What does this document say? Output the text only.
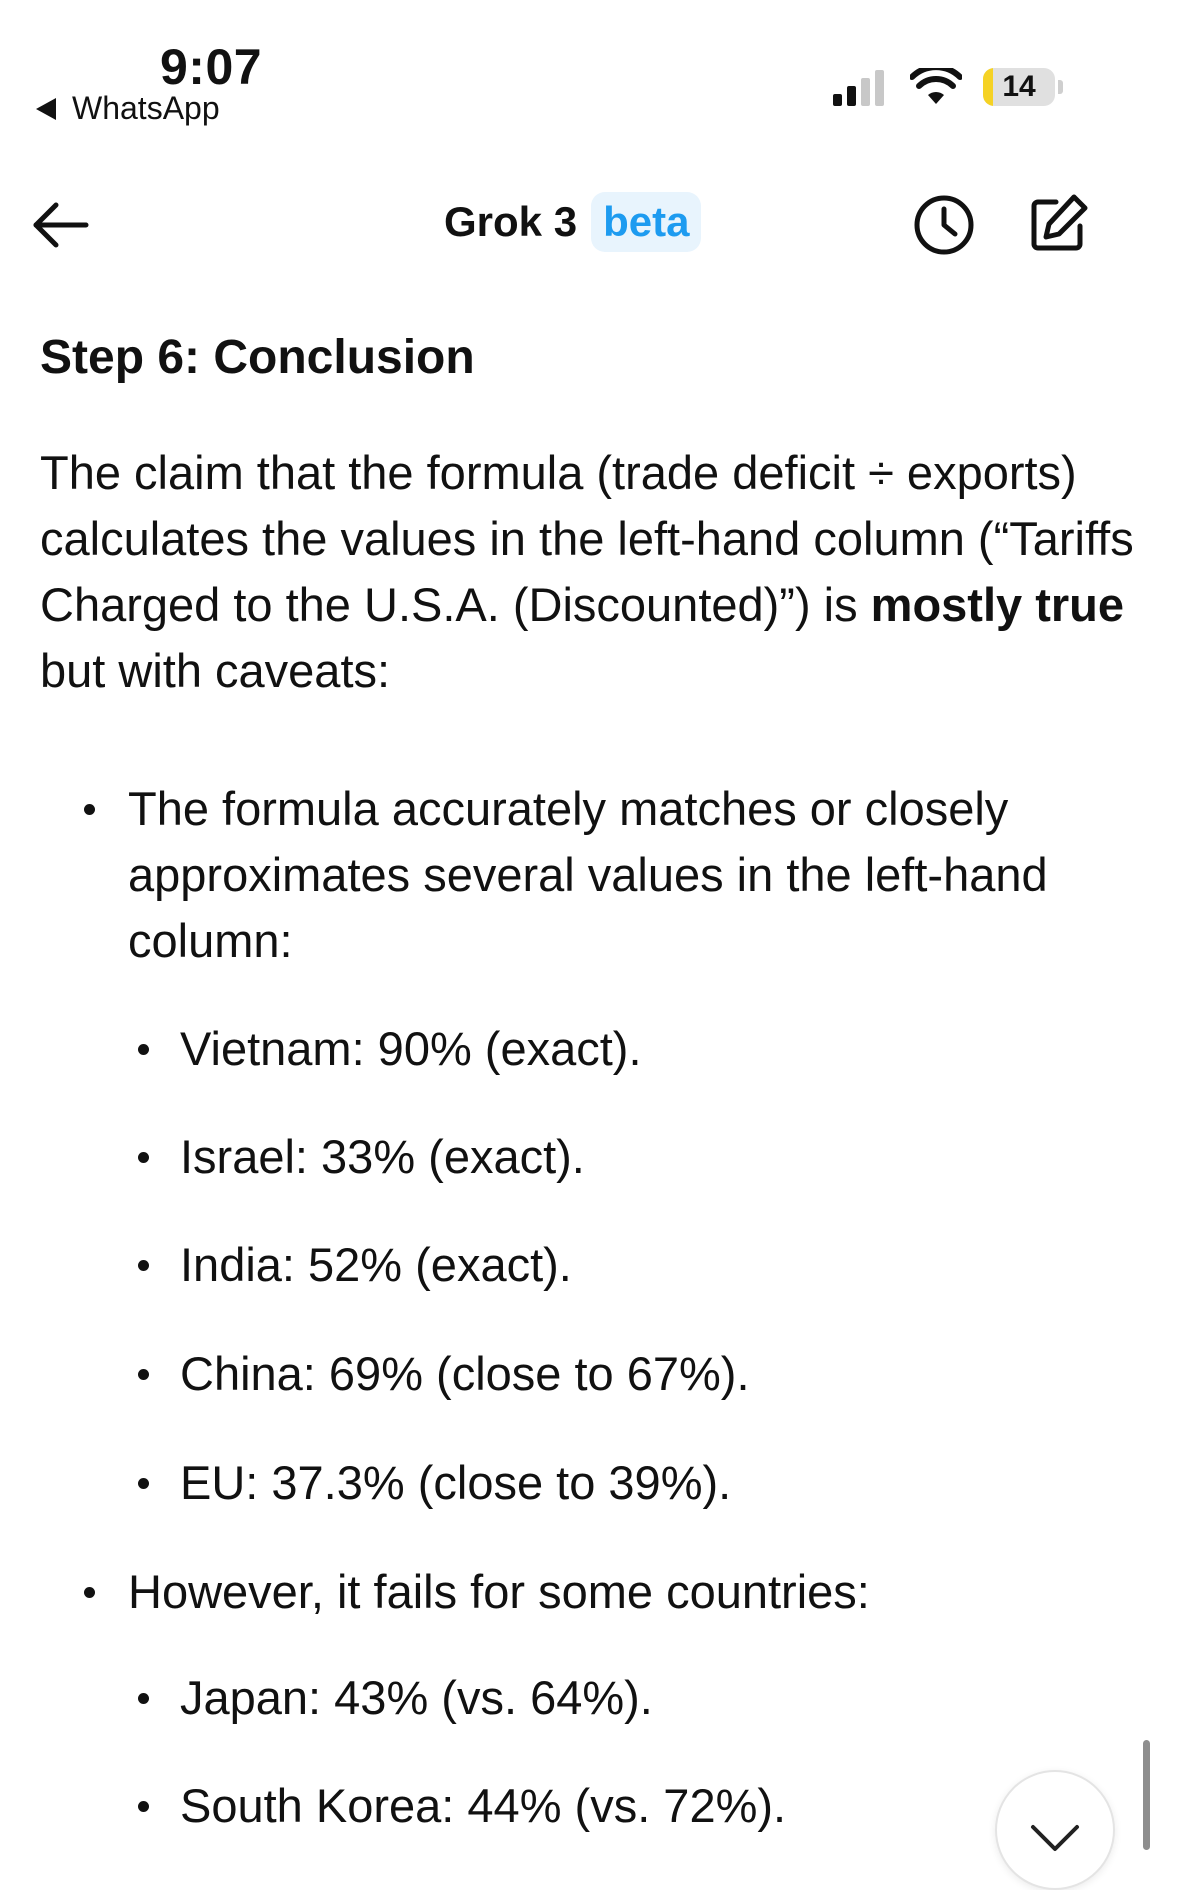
9:07
WhatsApp
14
Grok 3 beta
Step 6: Conclusion
The claim that the formula (trade deficit ÷ exports) calculates the values in the left-hand column (“Tariffs Charged to the U.S.A. (Discounted)”) is mostly true but with caveats:
The formula accurately matches or closely approximates several values in the left-hand column:
Vietnam: 90% (exact).
Israel: 33% (exact).
India: 52% (exact).
China: 69% (close to 67%).
EU: 37.3% (close to 39%).
However, it fails for some countries:
Japan: 43% (vs. 64%).
South Korea: 44% (vs. 72%).
